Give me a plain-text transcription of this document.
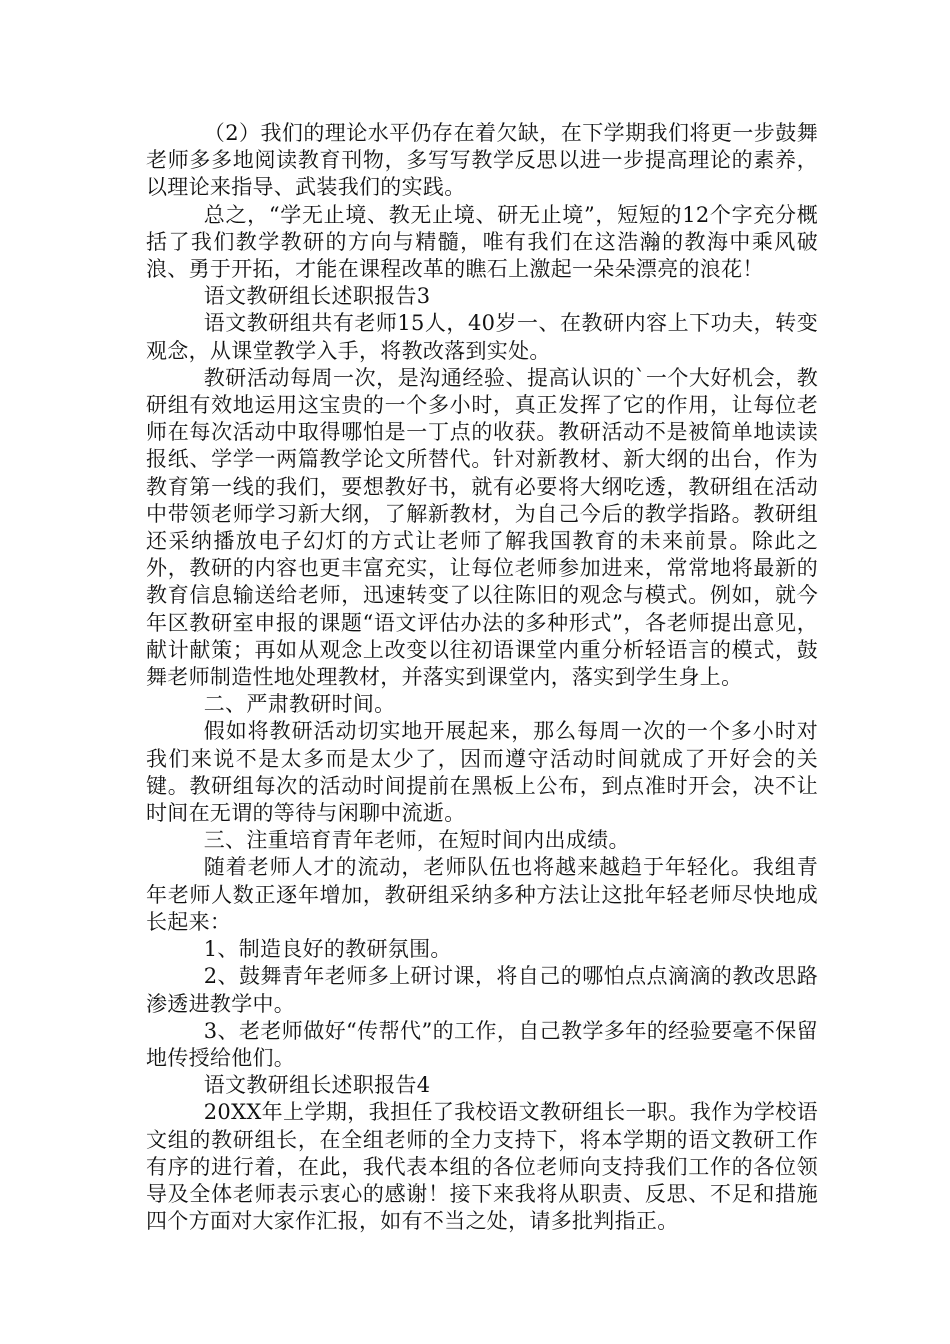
（2）我们的理论水平仍存在着欠缺，在下学期我们将更一步鼓舞老师多多地阅读教育刊物，多写写教学反思以进一步提高理论的素养，以理论来指导、武装我们的实践。

总之，“学无止境、教无止境、研无止境”，短短的12个字充分概括了我们教学教研的方向与精髓，唯有我们在这浩瀚的教海中乘风破浪、勇于开拓，才能在课程改革的瞧石上激起一朵朵漂亮的浪花！

语文教研组长述职报告3

语文教研组共有老师15人，40岁一、在教研内容上下功夫，转变观念，从课堂教学入手，将教改落到实处。

教研活动每周一次，是沟通经验、提高认识的`一个大好机会，教研组有效地运用这宝贵的一个多小时，真正发挥了它的作用，让每位老师在每次活动中取得哪怕是一丁点的收获。教研活动不是被简单地读读报纸、学学一两篇教学论文所替代。针对新教材、新大纲的出台，作为教育第一线的我们，要想教好书，就有必要将大纲吃透，教研组在活动中带领老师学习新大纲，了解新教材，为自己今后的教学指路。教研组还采纳播放电子幻灯的方式让老师了解我国教育的未来前景。除此之外，教研的内容也更丰富充实，让每位老师参加进来，常常地将最新的教育信息输送给老师，迅速转变了以往陈旧的观念与模式。例如，就今年区教研室申报的课题“语文评估办法的多种形式”，各老师提出意见，献计献策；再如从观念上改变以往初语课堂内重分析轻语言的模式，鼓舞老师制造性地处理教材，并落实到课堂内，落实到学生身上。

二、严肃教研时间。

假如将教研活动切实地开展起来，那么每周一次的一个多小时对我们来说不是太多而是太少了，因而遵守活动时间就成了开好会的关键。教研组每次的活动时间提前在黑板上公布，到点准时开会，决不让时间在无谓的等待与闲聊中流逝。

三、注重培育青年老师，在短时间内出成绩。

随着老师人才的流动，老师队伍也将越来越趋于年轻化。我组青年老师人数正逐年增加，教研组采纳多种方法让这批年轻老师尽快地成长起来：

1、制造良好的教研氛围。

2、鼓舞青年老师多上研讨课，将自己的哪怕点点滴滴的教改思路渗透进教学中。

3、老老师做好“传帮代”的工作，自己教学多年的经验要毫不保留地传授给他们。

语文教研组长述职报告4

20XX年上学期，我担任了我校语文教研组长一职。我作为学校语文组的教研组长，在全组老师的全力支持下，将本学期的语文教研工作有序的进行着，在此，我代表本组的各位老师向支持我们工作的各位领导及全体老师表示衷心的感谢！接下来我将从职责、反思、不足和措施四个方面对大家作汇报，如有不当之处，请多批判指正。
